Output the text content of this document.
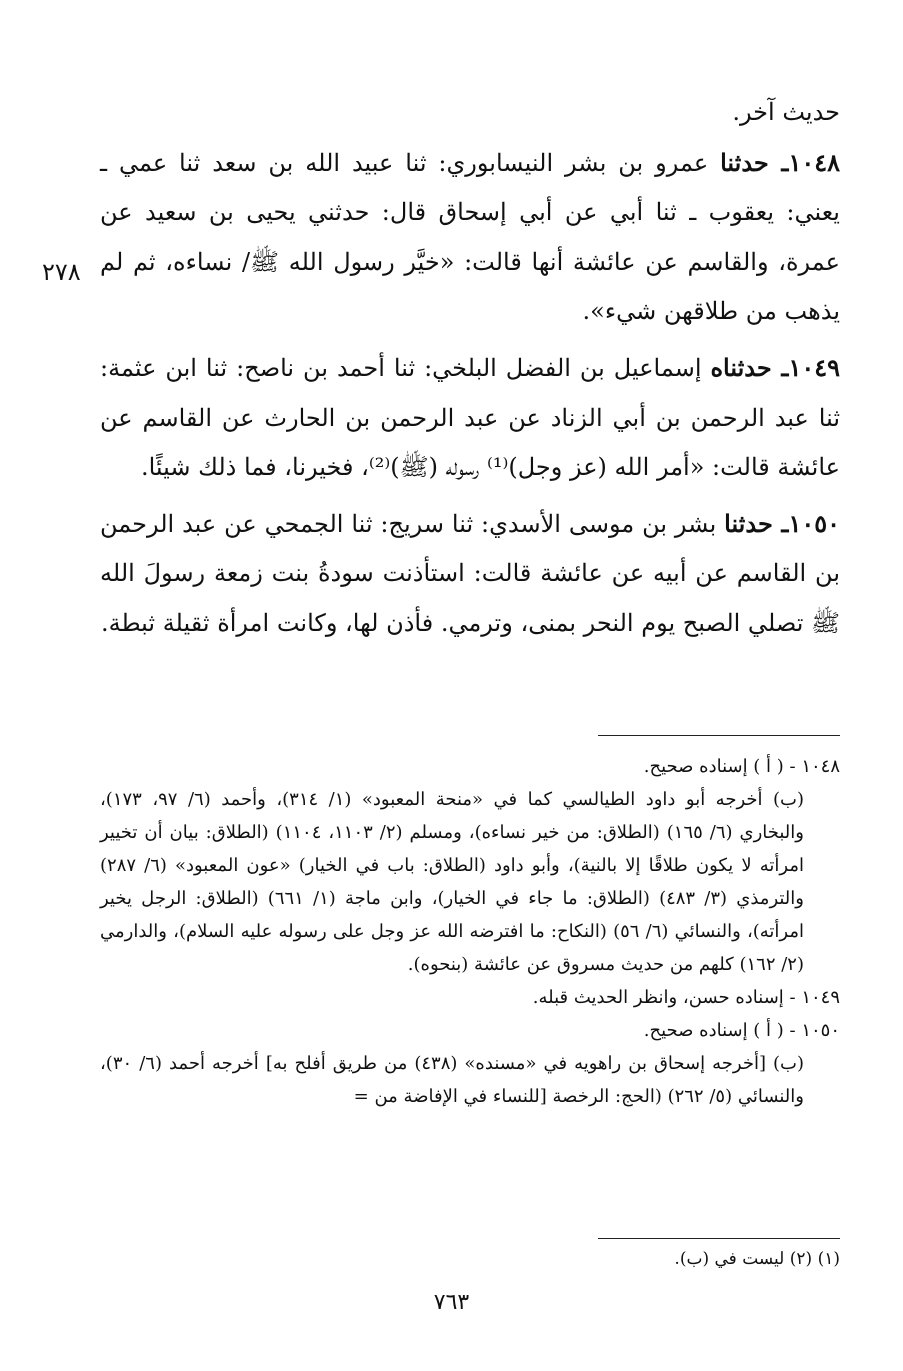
حديث آخر.

١٠٤٨ـ حدثنا عمرو بن بشر النيسابوري: ثنا عبيد الله بن سعد ثنا عمي ـ يعني: يعقوب ـ ثنا أبي عن أبي إسحاق قال: حدثني يحيى بن سعيد عن عمرة، والقاسم عن عائشة أنها قالت: «خيَّر رسول الله ﷺ/ نساءه، ثم لم يذهب من طلاقهن شيء».

١٠٤٩ـ حدثناه إسماعيل بن الفضل البلخي: ثنا أحمد بن ناصح: ثنا ابن عثمة: ثنا عبد الرحمن بن أبي الزناد عن عبد الرحمن بن الحارث عن القاسم عن عائشة قالت: «أمر الله (عز وجل)⁽¹⁾ رسوله (ﷺ)⁽²⁾، فخيرنا، فما ذلك شيئًا.

١٠٥٠ـ حدثنا بشر بن موسى الأسدي: ثنا سريج: ثنا الجمحي عن عبد الرحمن بن القاسم عن أبيه عن عائشة قالت: استأذنت سودةُ بنت زمعة رسولَ الله ﷺ تصلي الصبح يوم النحر بمنى، وترمي. فأذن لها، وكانت امرأة ثقيلة ثبطة.

٢٧٨

١٠٤٨ - ( أ ) إسناده صحيح.

(ب) أخرجه أبو داود الطيالسي كما في «منحة المعبود» (١/ ٣١٤)، وأحمد (٦/ ٩٧، ١٧٣)، والبخاري (٦/ ١٦٥) (الطلاق: من خير نساءه)، ومسلم (٢/ ١١٠٣، ١١٠٤) (الطلاق: بيان أن تخيير امرأته لا يكون طلاقًا إلا بالنية)، وأبو داود (الطلاق: باب في الخيار) «عون المعبود» (٦/ ٢٨٧) والترمذي (٣/ ٤٨٣) (الطلاق: ما جاء في الخيار)، وابن ماجة (١/ ٦٦١) (الطلاق: الرجل يخير امرأته)، والنسائي (٦/ ٥٦) (النكاح: ما افترضه الله عز وجل على رسوله عليه السلام)، والدارمي (٢/ ١٦٢) كلهم من حديث مسروق عن عائشة (بنحوه).

١٠٤٩ - إسناده حسن، وانظر الحديث قبله.

١٠٥٠ - ( أ ) إسناده صحيح.

(ب) [أخرجه إسحاق بن راهويه في «مسنده» (٤٣٨) من طريق أفلح به] أخرجه أحمد (٦/ ٣٠)، والنسائي (٥/ ٢٦٢) (الحج: الرخصة [للنساء في الإفاضة من =

(١) (٢) ليست في (ب).
٧٦٣
